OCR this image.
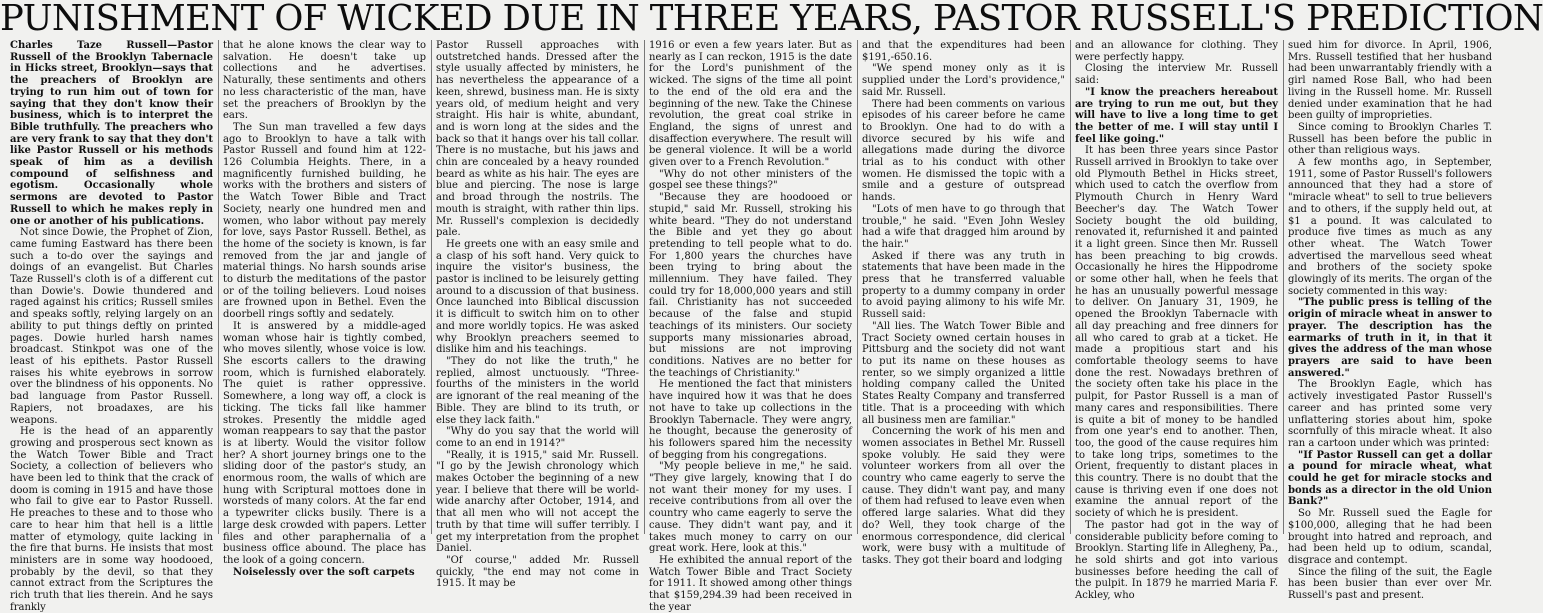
PUNISHMENT OF WICKED DUE IN THREE YEARS, PASTOR RUSSELL'S PREDICTION

Charles Taze Russell—Pastor Russell of the Brooklyn Tabernacle in Hicks street, Brooklyn—says that the preachers of Brooklyn are trying to run him out of town for saying that they don't know their business, which is to interpret the Bible truthfully. The preachers who are very frank to say that they don't like Pastor Russell or his methods speak of him as a devilish compound of selfishness and egotism. Occasionally whole sermons are devoted to Pastor Russell to which he makes reply in one or another of his publications.

Not since Dowie, the Prophet of Zion, came fuming Eastward has there been such a to-do over the sayings and doings of an evangelist. But Charles Taze Russell's cloth is of a different cut than Dowie's. Dowie thundered and raged against his critics; Russell smiles and speaks softly, relying largely on an ability to put things deftly on printed pages. Dowie hurled harsh names broadcast. Stinkpot was one of the least of his epithets. Pastor Russell raises his white eyebrows in sorrow over the blindness of his opponents. No bad language from Pastor Russell. Rapiers, not broadaxes, are his weapons.

He is the head of an apparently growing and prosperous sect known as the Watch Tower Bible and Tract Society, a collection of believers who have been led to think that the crack of doom is coming in 1915 and have those who fail to give ear to Pastor Russell. He preaches to these and to those who care to hear him that hell is a little matter of etymology, quite lacking in the fire that burns. He insists that most ministers are in some way hoodooed, probably by the devil, so that they cannot extract from the Scriptures the rich truth that lies therein. And he says frankly

that he alone knows the clear way to salvation. He doesn't take up collections and he advertises. Naturally, these sentiments and others no less characteristic of the man, have set the preachers of Brooklyn by the ears.

The Sun man travelled a few days ago to Brooklyn to have a talk with Pastor Russell and found him at 122-126 Columbia Heights. There, in a magnificently furnished building, he works with the brothers and sisters of the Watch Tower Bible and Tract Society, nearly one hundred men and women, who labor without pay merely for love, says Pastor Russell. Bethel, as the home of the society is known, is far removed from the jar and jangle of material things. No harsh sounds arise to disturb the meditations of the pastor or of the toiling believers. Loud noises are frowned upon in Bethel. Even the doorbell rings softly and sedately.

It is answered by a middle-aged woman whose hair is tightly combed, who moves silently, whose voice is low. She escorts callers to the drawing room, which is furnished elaborately. The quiet is rather oppressive. Somewhere, a long way off, a clock is ticking. The ticks fall like hammer strokes. Presently the middle aged woman reappears to say that the pastor is at liberty. Would the visitor follow her? A short journey brings one to the sliding door of the pastor's study, an enormous room, the walls of which are hung with Scriptural mottoes done in worsteds of many colors. At the far end a typewriter clicks busily. There is a large desk crowded with papers. Letter files and other paraphernalia of a business office abound. The place has the look of a going concern.

Noiselessly over the soft carpets

Pastor Russell approaches with outstretched hands. Dressed after the style usually affected by ministers, he has nevertheless the appearance of a keen, shrewd, business man. He is sixty years old, of medium height and very straight. His hair is white, abundant, and is worn long at the sides and the back so that it hangs over his tall collar. There is no mustache, but his jaws and chin are concealed by a heavy rounded beard as white as his hair. The eyes are blue and piercing. The nose is large and broad through the nostrils. The mouth is straight, with rather thin lips. Mr. Russell's complexion is decidedly pale.

He greets one with an easy smile and a clasp of his soft hand. Very quick to inquire the visitor's business, the pastor is inclined to be leisurely getting around to a discussion of that business. Once launched into Biblical discussion it is difficult to switch him on to other and more worldly topics. He was asked why Brooklyn preachers seemed to dislike him and his teachings.

"They do not like the truth," he replied, almost unctuously. "Three-fourths of the ministers in the world are ignorant of the real meaning of the Bible. They are blind to its truth, or else they lack faith."

"Why do you say that the world will come to an end in 1914?"

"Really, it is 1915," said Mr. Russell. "I go by the Jewish chronology which makes October the beginning of a new year. I believe that there will be world-wide anarchy after October, 1914, and that all men who will not accept the truth by that time will suffer terribly. I get my interpretation from the prophet Daniel.

"Of course," added Mr. Russell quickly, "the end may not come in 1915. It may be

1916 or even a few years later. But as nearly as I can reckon, 1915 is the date for the Lord's punishment of the wicked. The signs of the time all point to the end of the old era and the beginning of the new. Take the Chinese revolution, the great coal strike in England, the signs of unrest and disaffection everywhere. The result will be general violence. It will be a world given over to a French Revolution."

"Why do not other ministers of the gospel see these things?"

"Because they are hoodooed or stupid," said Mr. Russell, stroking his white beard. "They do not understand the Bible and yet they go about pretending to tell people what to do. For 1,800 years the churches have been trying to bring about the millennium. They have failed. They could try for 18,000,000 years and still fail. Christianity has not succeeded because of the false and stupid teachings of its ministers. Our society supports many missionaries abroad, but missions are not improving conditions. Natives are no better for the teachings of Christianity."

He mentioned the fact that ministers have inquired how it was that he does not have to take up collections in the Brooklyn Tabernacle. They were angry, he thought, because the generosity of his followers spared him the necessity of begging from his congregations.

"My people believe in me," he said. "They give largely, knowing that I do not want their money for my uses. I receive contributions from all over the country who came eagerly to serve the cause. They didn't want pay, and it takes much money to carry on our great work. Here, look at this."

He exhibited the annual report of the Watch Tower Bible and Tract Society for 1911. It showed among other things that $159,294.39 had been received in the year

and that the expenditures had been $191,-650.16.

"We spend money only as it is supplied under the Lord's providence," said Mr. Russell.

There had been comments on various episodes of his career before he came to Brooklyn. One had to do with a divorce secured by his wife and allegations made during the divorce trial as to his conduct with other women. He dismissed the topic with a smile and a gesture of outspread hands.

"Lots of men have to go through that trouble," he said. "Even John Wesley had a wife that dragged him around by the hair."

Asked if there was any truth in statements that have been made in the press that he transferred valuable property to a dummy company in order to avoid paying alimony to his wife Mr. Russell said:

"All lies. The Watch Tower Bible and Tract Society owned certain houses in Pittsburg and the society did not want to put its name on these houses as renter, so we simply organized a little holding company called the United States Realty Company and transferred title. That is a proceeding with which all business men are familiar."

Concerning the work of his men and women associates in Bethel Mr. Russell spoke volubly. He said they were volunteer workers from all over the country who came eagerly to serve the cause. They didn't want pay, and many of them had refused to leave even when offered large salaries. What did they do? Well, they took charge of the enormous correspondence, did clerical work, were busy with a multitude of tasks. They got their board and lodging

and an allowance for clothing. They were perfectly happy.

Closing the interview Mr. Russell said:

"I know the preachers hereabout are trying to run me out, but they will have to live a long time to get the better of me. I will stay until I feel like going."

It has been three years since Pastor Russell arrived in Brooklyn to take over old Plymouth Bethel in Hicks street, which used to catch the overflow from Plymouth Church in Henry Ward Beecher's day. The Watch Tower Society bought the old building, renovated it, refurnished it and painted it a light green. Since then Mr. Russell has been preaching to big crowds. Occasionally he hires the Hippodrome or some other hall, when he feels that he has an unusually powerful message to deliver. On January 31, 1909, he opened the Brooklyn Tabernacle with all day preaching and free dinners for all who cared to grab at a ticket. He made a propitious start and his comfortable theology seems to have done the rest. Nowadays brethren of the society often take his place in the pulpit, for Pastor Russell is a man of many cares and responsibilities. There is quite a bit of money to be handled from one year's end to another. Then, too, the good of the cause requires him to take long trips, sometimes to the Orient, frequently to distant places in this country. There is no doubt that the cause is thriving even if one does not examine the annual report of the society of which he is president.

The pastor had got in the way of considerable publicity before coming to Brooklyn. Starting life in Allegheny, Pa., he sold shirts and got into various businesses before heeding the call of the pulpit. In 1879 he married Maria F. Ackley, who

sued him for divorce. In April, 1906, Mrs. Russell testified that her husband had been unwarrantably friendly with a girl named Rose Ball, who had been living in the Russell home. Mr. Russell denied under examination that he had been guilty of improprieties.

Since coming to Brooklyn Charles T. Russell has been before the public in other than religious ways.

A few months ago, in September, 1911, some of Pastor Russell's followers announced that they had a store of "miracle wheat" to sell to true believers and to others, if the supply held out, at $1 a pound. It was calculated to produce five times as much as any other wheat. The Watch Tower advertised the marvellous seed wheat and brothers of the society spoke glowingly of its merits. The organ of the society commented in this way:

"The public press is telling of the origin of miracle wheat in answer to prayer. The description has the earmarks of truth in it, in that it gives the address of the man whose prayers are said to have been answered."

The Brooklyn Eagle, which has actively investigated Pastor Russell's career and has printed some very unflattering stories about him, spoke scornfully of this miracle wheat. It also ran a cartoon under which was printed:

"If Pastor Russell can get a dollar a pound for miracle wheat, what could he get for miracle stocks and bonds as a director in the old Union Bank?"

So Mr. Russell sued the Eagle for $100,000, alleging that he had been brought into hatred and reproach, and had been held up to odium, scandal, disgrace and contempt.

Since the filing of the suit, the Eagle has been busier than ever over Mr. Russell's past and present.
